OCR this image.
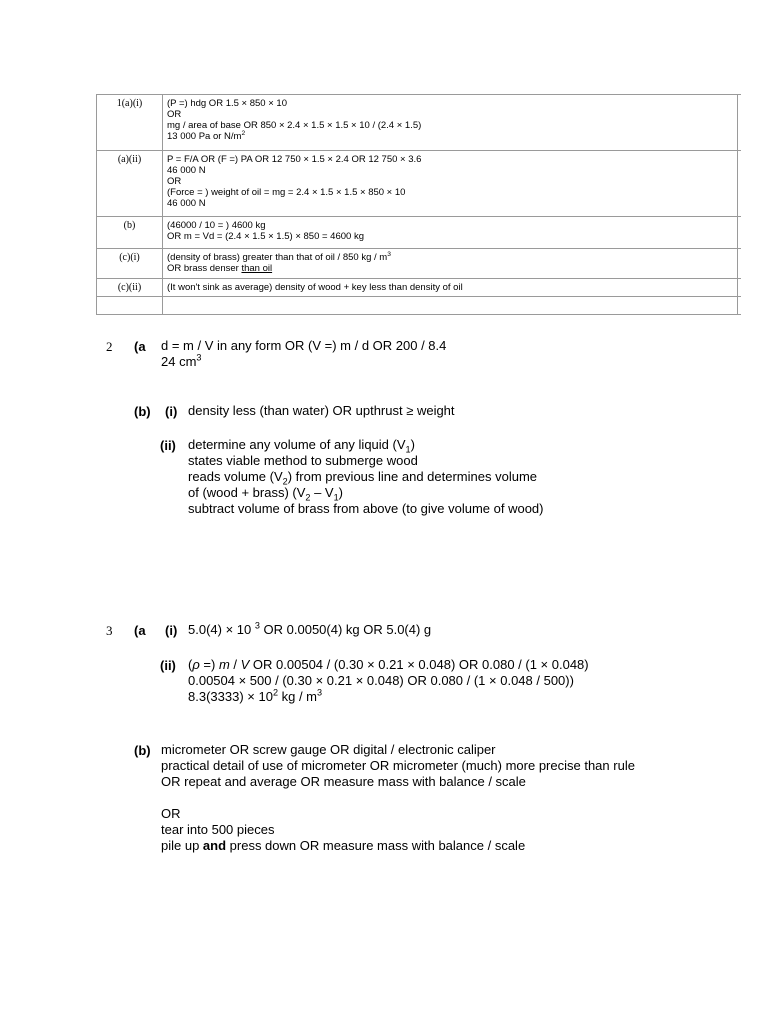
1(a)(i)	(P =) hdg OR 1.5 × 850 × 10
OR
mg / area of base OR 850 × 2.4 × 1.5 × 1.5 × 10 / (2.4 × 1.5)
13 000 Pa or $N/m^2$

(a)(ii)	P = F/A OR (F =) PA OR 12 750 × 1.5 × 2.4 OR 12 750 × 3.6
46 000 N
OR
(Force = ) weight of oil = mg = 2.4 × 1.5 × 1.5 × 850 × 10
46 000 N	

(b)	(46000 / 10 = ) 4600 kg
OR m = Vd = (2.4 × 1.5 × 1.5) × 850 = 4600 kg	

(c)(i)	(density of brass) greater than that of oil / 850 kg / $m^3$
OR brass denser than oil	

(c)(ii)	(It won't sink as average) density of wood + key less than density of oil	

2 (a d = m / V in any form OR (V =) m / d OR 200 / 8.4
24 $cm^3$
(b) (i) density less (than water) OR upthrust ≥ weight
(ii) determine any volume of any liquid $(V_1)$
states viable method to submerge wood
reads volume $(V_2)$ from previous line and determines volume
of (wood + brass) $(V_2 - V_1)$
subtract volume of brass from above (to give volume of wood)
3 (a (i) 5.0(4) × 10 $^3$ OR 0.0050(4) kg OR 5.0(4) g
(ii) (ρ =) m / V OR 0.00504 / (0.30 × 0.21 × 0.048) OR 0.080 / (1 × 0.048)
0.00504 × 500 / (0.30 × 0.21 × 0.048) OR 0.080 / (1 × 0.048 / 500))
$8.3(3333) \times 10^2$ kg / $m^3$
(b) micrometer OR screw gauge OR digital / electronic caliper
practical detail of use of micrometer OR micrometer (much) more precise than rule
OR repeat and average OR measure mass with balance / scale
OR
tear into 500 pieces
pile up and press down OR measure mass with balance / scale
